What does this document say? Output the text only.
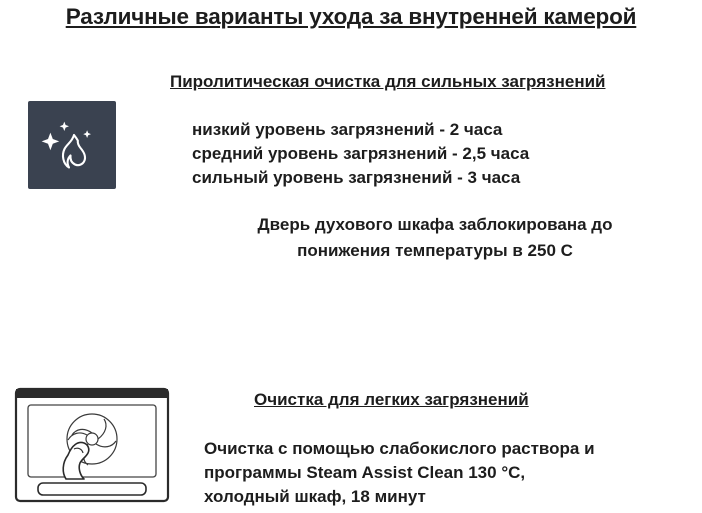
Различные варианты ухода за внутренней камерой
Пиролитическая очистка для сильных загрязнений
низкий уровень загрязнений - 2 часа
средний уровень загрязнений - 2,5 часа
сильный уровень загрязнений - 3 часа
Дверь духового шкафа заблокирована до
понижения температуры в 250 С
Очистка для легких загрязнений
Очистка с помощью слабокислого раствора и
программы Steam Assist Clean 130 °C,
холодный шкаф, 18 минут
